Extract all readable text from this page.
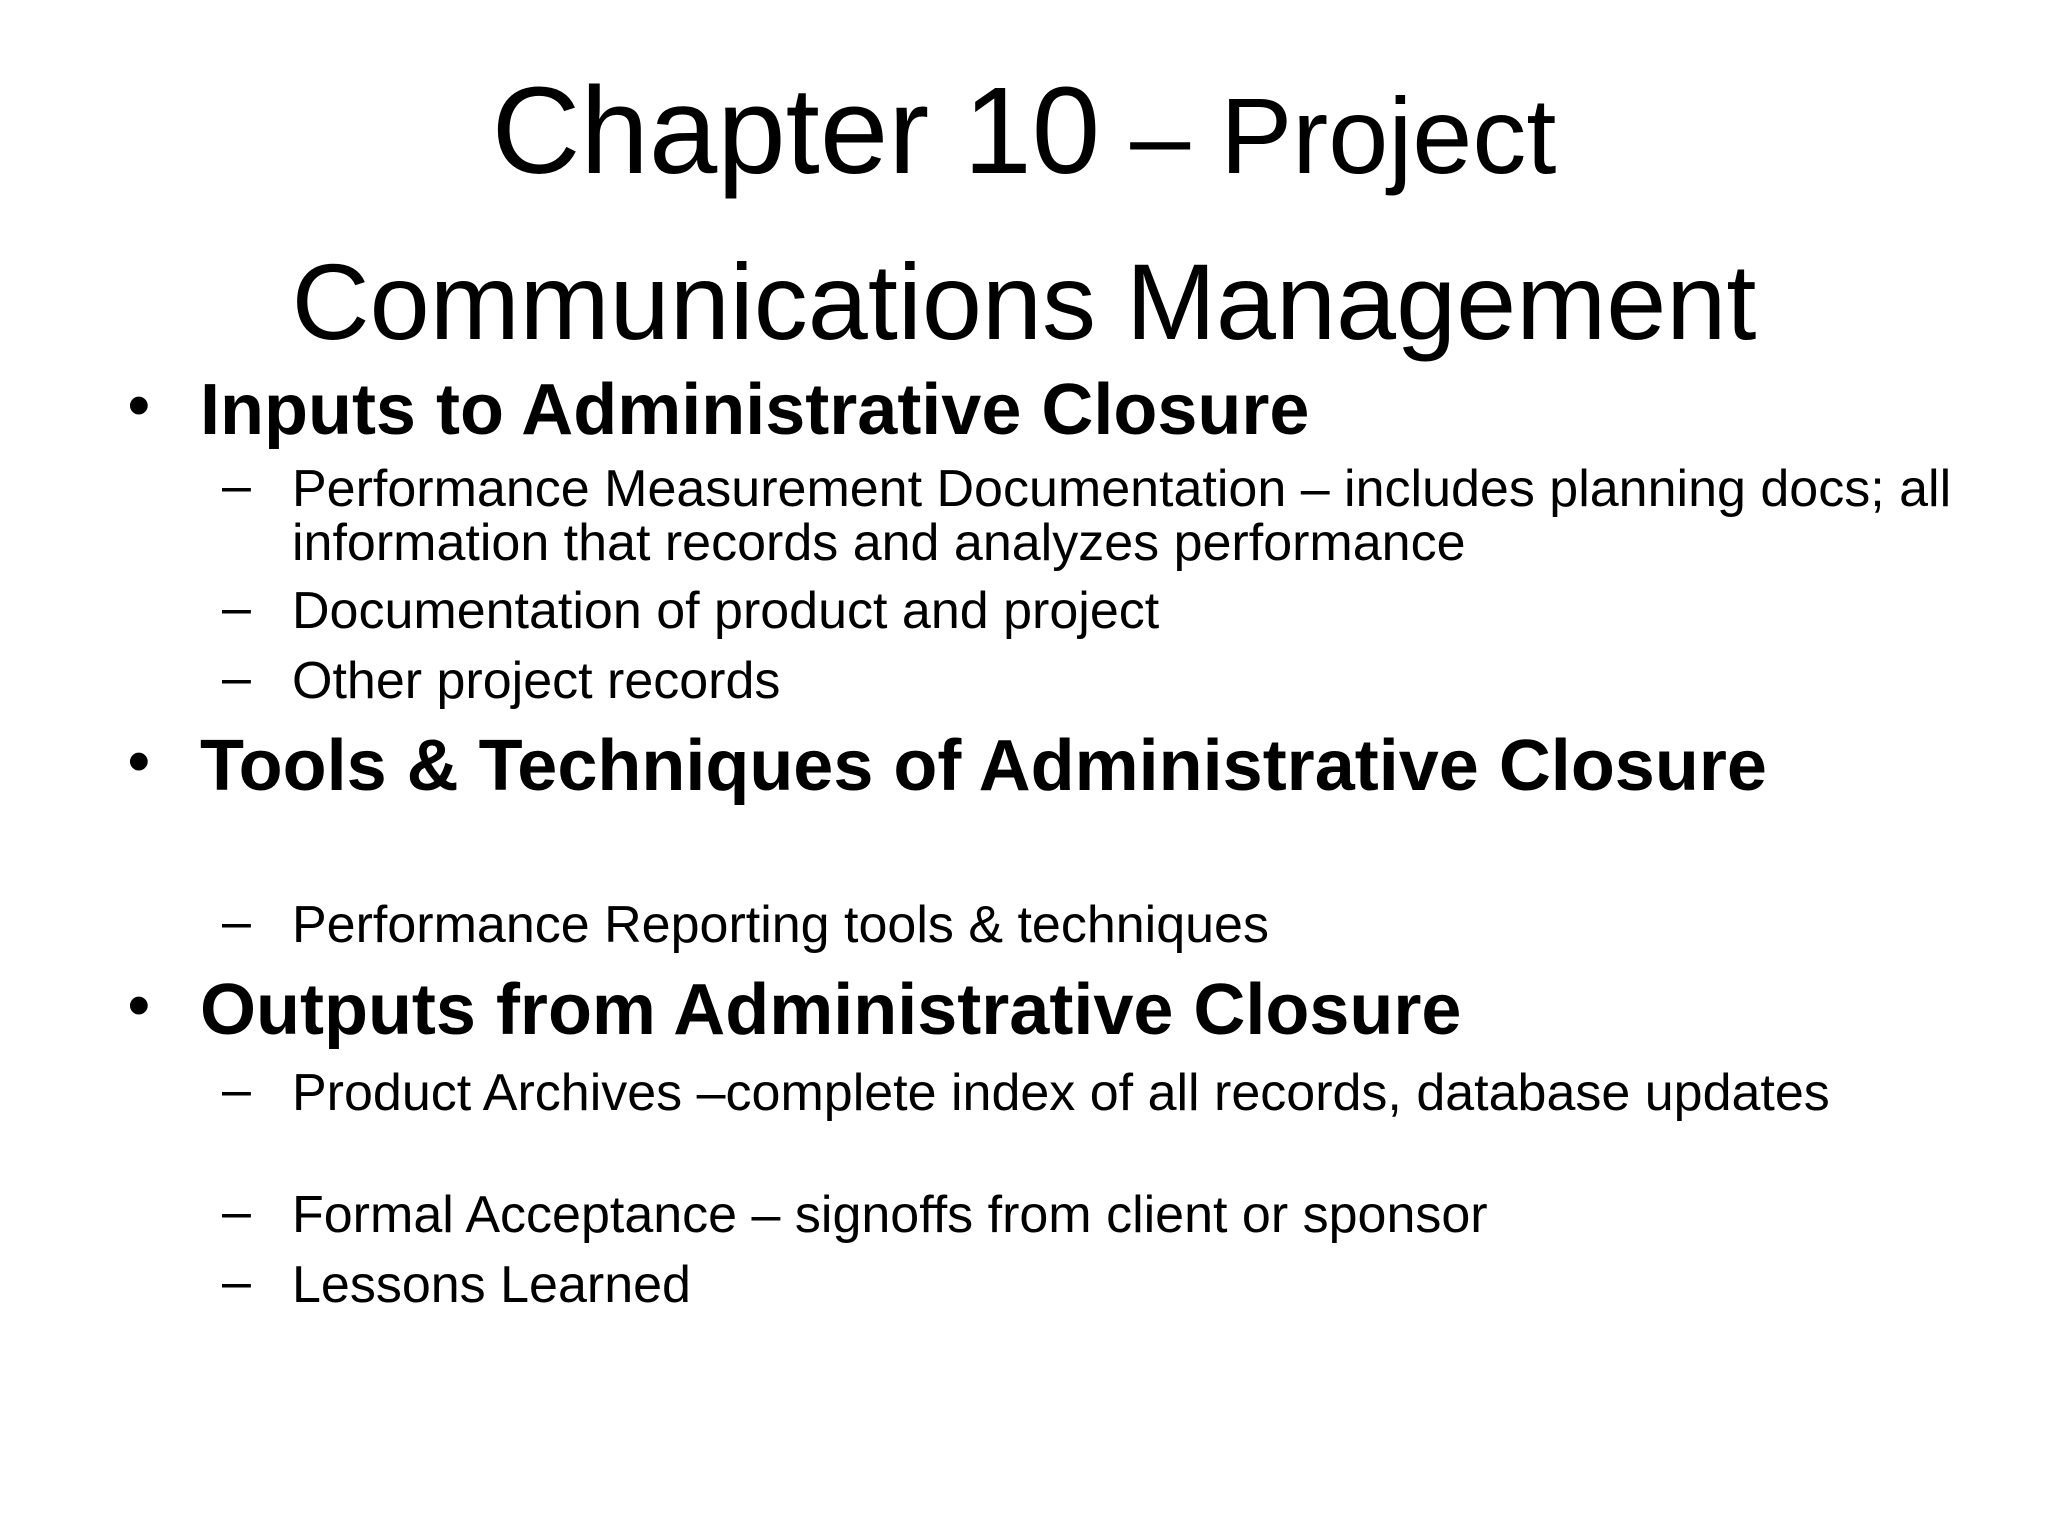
Chapter 10 – Project
Communications Management
• Inputs to Administrative Closure
– Performance Measurement Documentation – includes planning docs; all information that records and analyzes performance
– Documentation of product and project
– Other project records
• Tools & Techniques of Administrative Closure
– Performance Reporting tools & techniques
• Outputs from Administrative Closure
– Product Archives –complete index of all records, database updates
– Formal Acceptance – signoffs from client or sponsor
– Lessons Learned
